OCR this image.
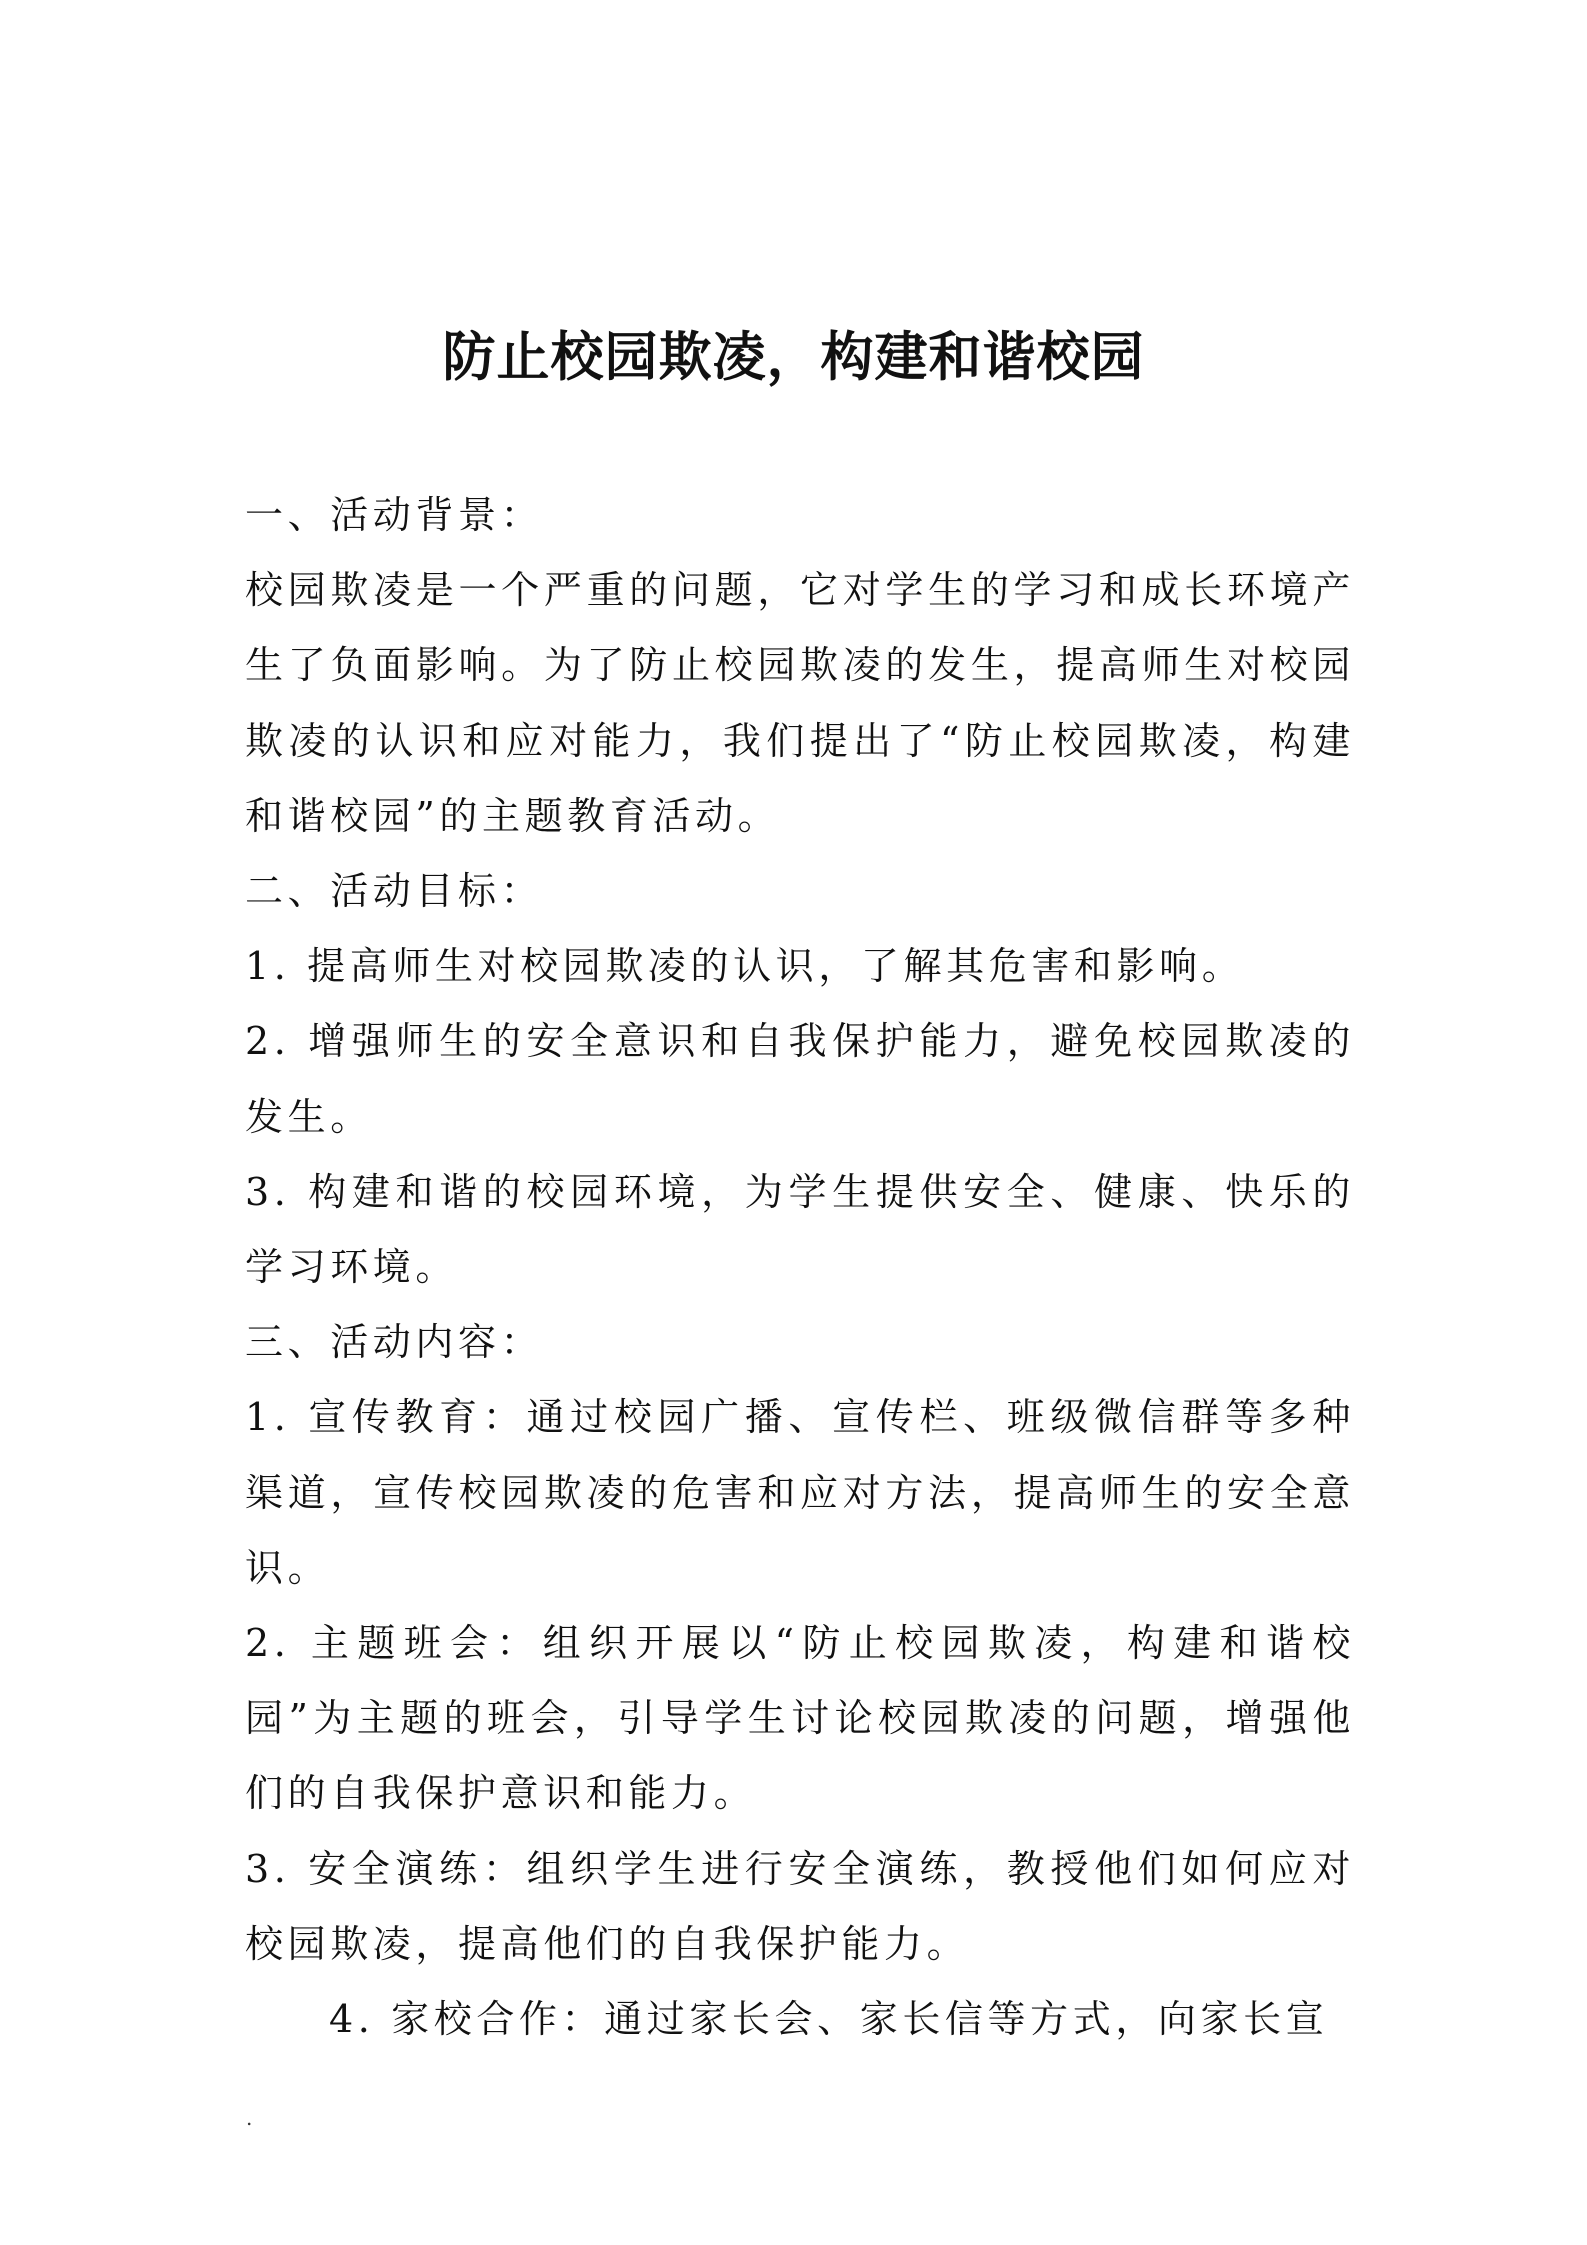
防止校园欺凌，构建和谐校园

一、活动背景：

校园欺凌是一个严重的问题，它对学生的学习和成长环境产生了负面影响。为了防止校园欺凌的发生，提高师生对校园欺凌的认识和应对能力，我们提出了“防止校园欺凌，构建和谐校园”的主题教育活动。

二、活动目标：

1. 提高师生对校园欺凌的认识，了解其危害和影响。

2. 增强师生的安全意识和自我保护能力，避免校园欺凌的发生。

3. 构建和谐的校园环境，为学生提供安全、健康、快乐的学习环境。

三、活动内容：

1. 宣传教育：通过校园广播、宣传栏、班级微信群等多种渠道，宣传校园欺凌的危害和应对方法，提高师生的安全意识。

2. 主题班会：组织开展以“防止校园欺凌，构建和谐校园”为主题的班会，引导学生讨论校园欺凌的问题，增强他们的自我保护意识和能力。

3. 安全演练：组织学生进行安全演练，教授他们如何应对校园欺凌，提高他们的自我保护能力。

4. 家校合作：通过家长会、家长信等方式，向家长宣

.
